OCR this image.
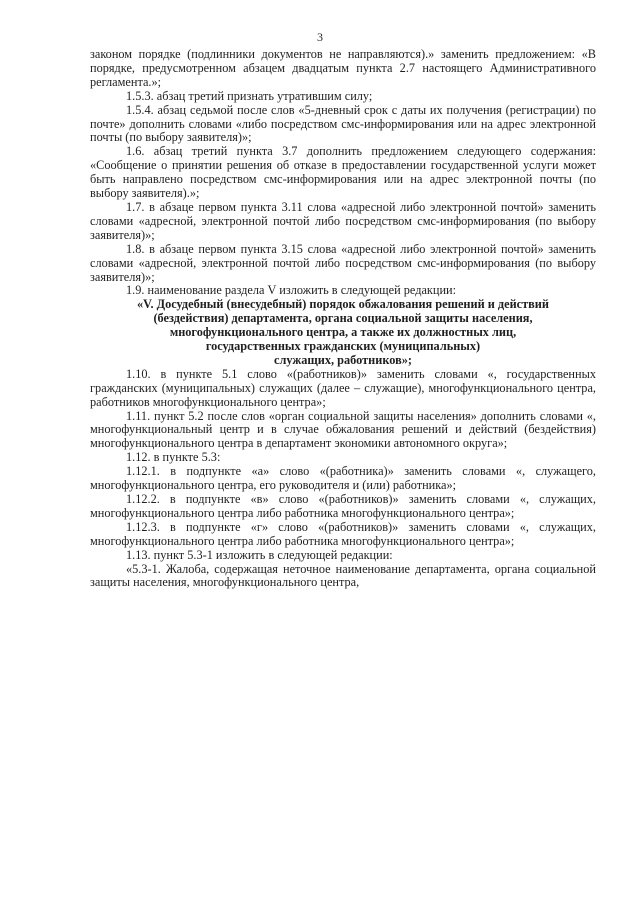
3

законом порядке (подлинники документов не направляются).» заменить предложением: «В порядке, предусмотренном абзацем двадцатым пункта 2.7 настоящего Административного регламента.»;

1.5.3. абзац третий признать утратившим силу;

1.5.4. абзац седьмой после слов «5-дневный срок с даты их получения (регистрации) по почте» дополнить словами «либо посредством смс-информирования или на адрес электронной почты (по выбору заявителя)»;

1.6. абзац третий пункта 3.7 дополнить предложением следующего содержания: «Сообщение о принятии решения об отказе в предоставлении государственной услуги может быть направлено посредством смс-информирования или на адрес электронной почты (по выбору заявителя).»;

1.7. в абзаце первом пункта 3.11 слова «адресной либо электронной почтой» заменить словами «адресной, электронной почтой либо посредством смс-информирования (по выбору заявителя)»;

1.8. в абзаце первом пункта 3.15 слова «адресной либо электронной почтой» заменить словами «адресной, электронной почтой либо посредством смс-информирования (по выбору заявителя)»;

1.9. наименование раздела V изложить в следующей редакции:

«V. Досудебный (внесудебный) порядок обжалования решений и действий
(бездействия) департамента, органа социальной защиты населения,
многофункционального центра, а также их должностных лиц,
государственных гражданских (муниципальных)
служащих, работников»;

1.10. в пункте 5.1 слово «(работников)» заменить словами «, государственных гражданских (муниципальных) служащих (далее – служащие), многофункционального центра, работников многофункционального центра»;

1.11. пункт 5.2 после слов «орган социальной защиты населения» дополнить словами «, многофункциональный центр и в случае обжалования решений и действий (бездействия) многофункционального центра в департамент экономики автономного округа»;

1.12. в пункте 5.3:

1.12.1. в подпункте «а» слово «(работника)» заменить словами «, служащего, многофункционального центра, его руководителя и (или) работника»;

1.12.2. в подпункте «в» слово «(работников)» заменить словами «, служащих, многофункционального центра либо работника многофункционального центра»;

1.12.3. в подпункте «г» слово «(работников)» заменить словами «, служащих, многофункционального центра либо работника многофункционального центра»;

1.13. пункт 5.3-1 изложить в следующей редакции:

«5.3-1. Жалоба, содержащая неточное наименование департамента, органа социальной защиты населения, многофункционального центра,
